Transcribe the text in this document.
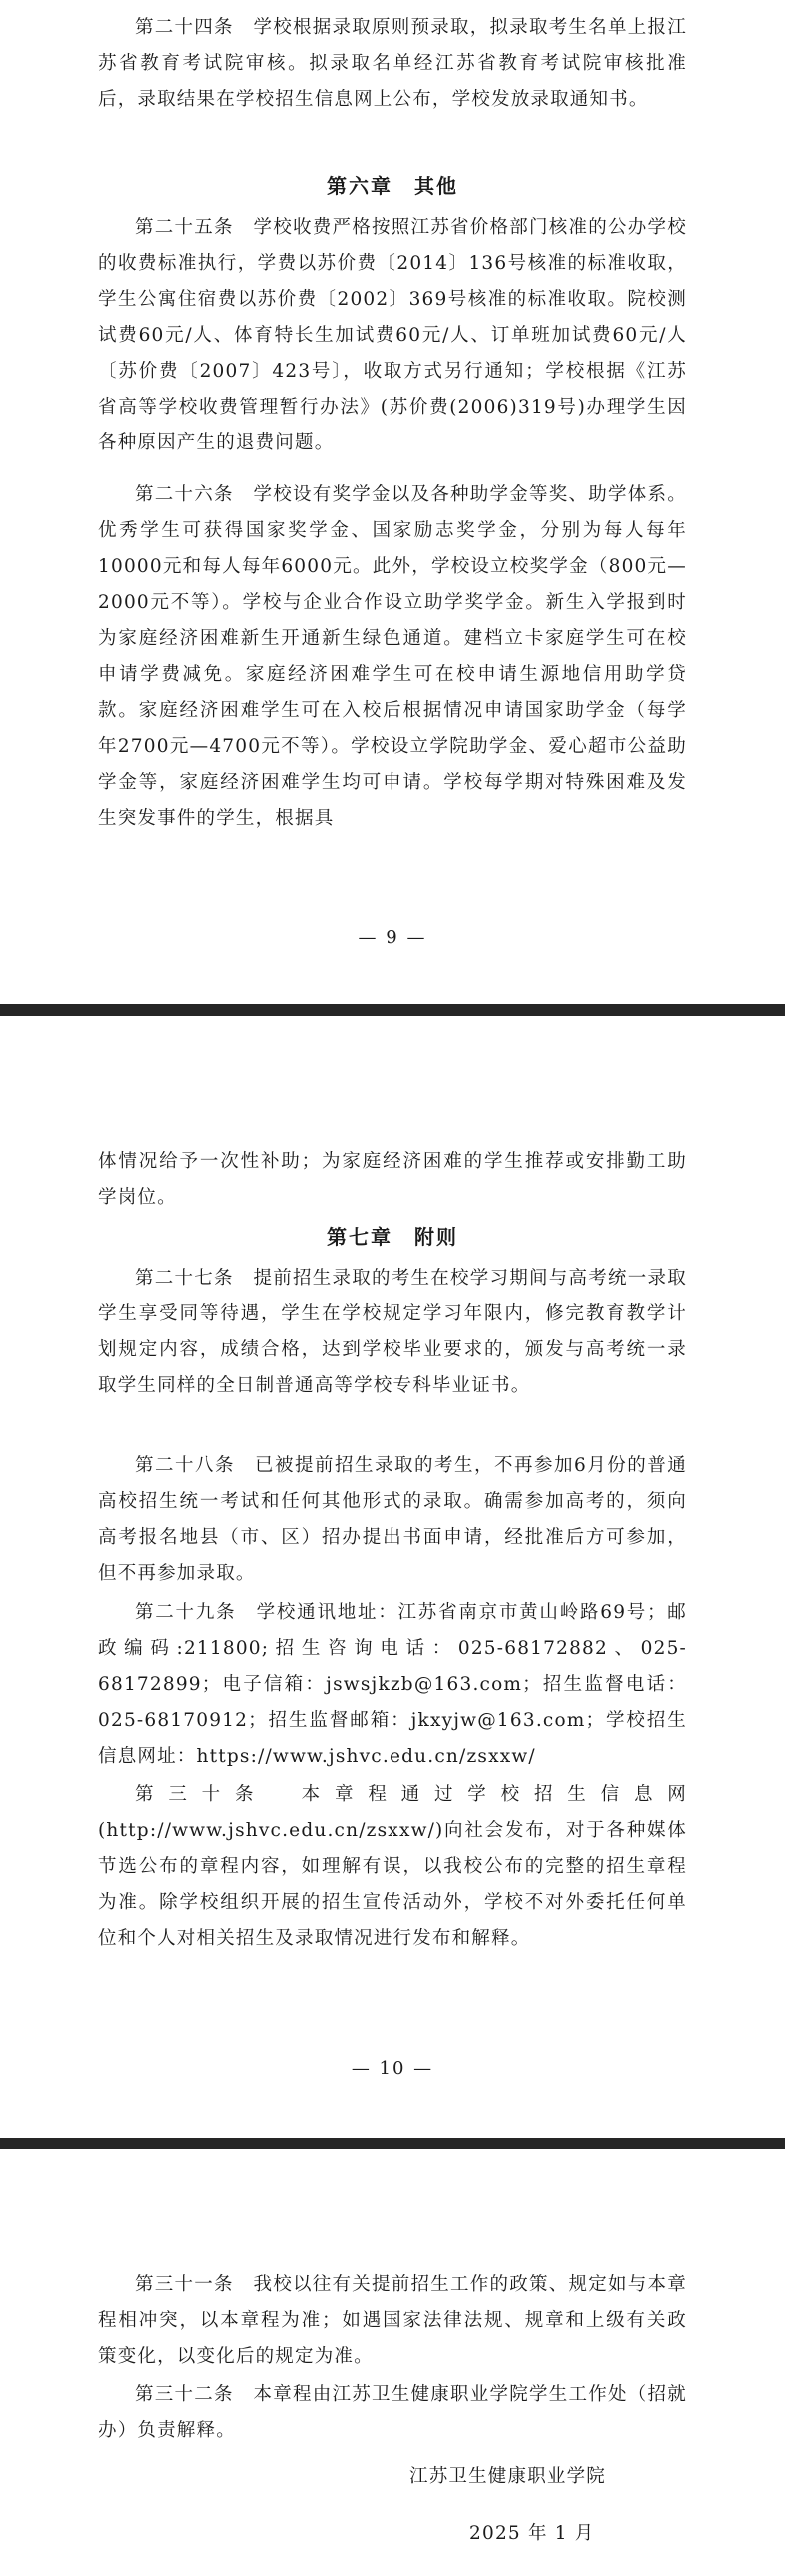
第二十四条　学校根据录取原则预录取，拟录取考生名单上报江苏省教育考试院审核。拟录取名单经江苏省教育考试院审核批准后，录取结果在学校招生信息网上公布，学校发放录取通知书。

第六章　其他

第二十五条　学校收费严格按照江苏省价格部门核准的公办学校的收费标准执行，学费以苏价费〔2014〕136号核准的标准收取，学生公寓住宿费以苏价费〔2002〕369号核准的标准收取。院校测试费60元/人、体育特长生加试费60元/人、订单班加试费60元/人〔苏价费〔2007〕423号〕，收取方式另行通知；学校根据《江苏省高等学校收费管理暂行办法》(苏价费(2006)319号)办理学生因各种原因产生的退费问题。

第二十六条　学校设有奖学金以及各种助学金等奖、助学体系。优秀学生可获得国家奖学金、国家励志奖学金，分别为每人每年10000元和每人每年6000元。此外，学校设立校奖学金（800元—2000元不等）。学校与企业合作设立助学奖学金。新生入学报到时为家庭经济困难新生开通新生绿色通道。建档立卡家庭学生可在校申请学费减免。家庭经济困难学生可在校申请生源地信用助学贷款。家庭经济困难学生可在入校后根据情况申请国家助学金（每学年2700元—4700元不等）。学校设立学院助学金、爱心超市公益助学金等，家庭经济困难学生均可申请。学校每学期对特殊困难及发生突发事件的学生，根据具

— 9 —

体情况给予一次性补助；为家庭经济困难的学生推荐或安排勤工助学岗位。

第七章　附则

第二十七条　提前招生录取的考生在校学习期间与高考统一录取学生享受同等待遇，学生在学校规定学习年限内，修完教育教学计划规定内容，成绩合格，达到学校毕业要求的，颁发与高考统一录取学生同样的全日制普通高等学校专科毕业证书。

第二十八条　已被提前招生录取的考生，不再参加6月份的普通高校招生统一考试和任何其他形式的录取。确需参加高考的，须向高考报名地县（市、区）招办提出书面申请，经批准后方可参加，但不再参加录取。

第二十九条　学校通讯地址：江苏省南京市黄山岭路69号；邮政编码:211800;招生咨询电话：025-68172882、025-68172899；电子信箱：jswsjkzb@163.com；招生监督电话：025-68170912；招生监督邮箱：jkxyjw@163.com；学校招生信息网址：https://www.jshvc.edu.cn/zsxxw/

第三十条　本章程通过学校招生信息网(http://www.jshvc.edu.cn/zsxxw/)向社会发布，对于各种媒体节选公布的章程内容，如理解有误，以我校公布的完整的招生章程为准。除学校组织开展的招生宣传活动外，学校不对外委托任何单位和个人对相关招生及录取情况进行发布和解释。

— 10 —

第三十一条　我校以往有关提前招生工作的政策、规定如与本章程相冲突，以本章程为准；如遇国家法律法规、规章和上级有关政策变化，以变化后的规定为准。

第三十二条　本章程由江苏卫生健康职业学院学生工作处（招就办）负责解释。

江苏卫生健康职业学院
2025 年 1 月
